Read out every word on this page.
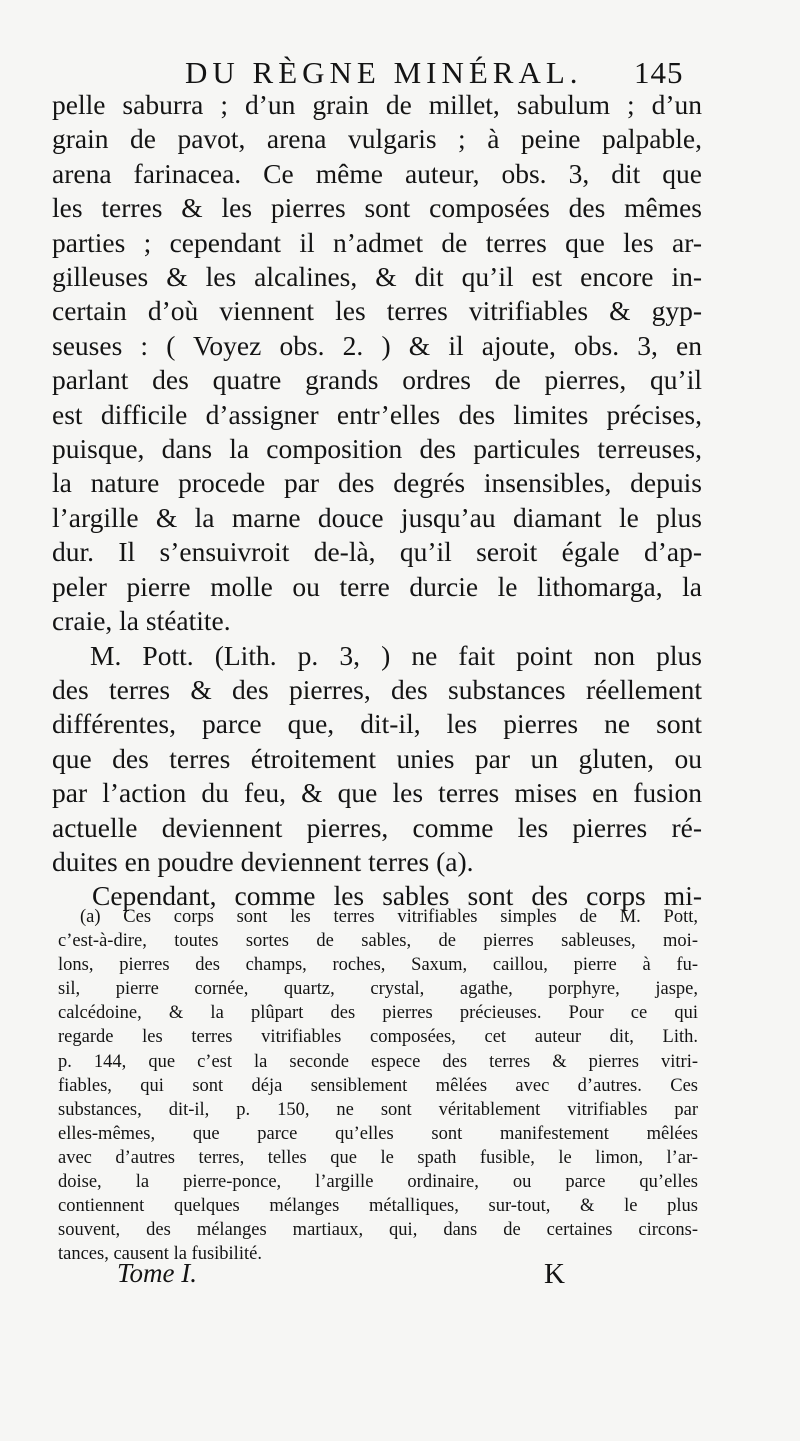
DU RÈGNE MINÉRAL. 145
pelle saburra ; d’un grain de millet, sabulum ; d’un
grain de pavot, arena vulgaris ; à peine palpable,
arena farinacea. Ce même auteur, obs. 3, dit que
les terres & les pierres sont composées des mêmes
parties ; cependant il n’admet de terres que les ar-
gilleuses & les alcalines, & dit qu’il est encore in-
certain d’où viennent les terres vitrifiables & gyp-
seuses : ( Voyez obs. 2. ) & il ajoute, obs. 3, en
parlant des quatre grands ordres de pierres, qu’il
est difficile d’assigner entr’elles des limites précises,
puisque, dans la composition des particules terreuses,
la nature procede par des degrés insensibles, depuis
l’argille & la marne douce jusqu’au diamant le plus
dur. Il s’ensuivroit de-là, qu’il seroit égale d’ap-
peler pierre molle ou terre durcie le lithomarga, la
craie, la stéatite.
M. Pott. (Lith. p. 3, ) ne fait point non plus
des terres & des pierres, des substances réellement
différentes, parce que, dit-il, les pierres ne sont
que des terres étroitement unies par un gluten, ou
par l’action du feu, & que les terres mises en fusion
actuelle deviennent pierres, comme les pierres ré-
duites en poudre deviennent terres (a).
Cependant, comme les sables sont des corps mi-
(a) Ces corps sont les terres vitrifiables simples de M. Pott,
c’est-à-dire, toutes sortes de sables, de pierres sableuses, moi-
lons, pierres des champs, roches, Saxum, caillou, pierre à fu-
sil, pierre cornée, quartz, crystal, agathe, porphyre, jaspe,
calcédoine, & la plûpart des pierres précieuses. Pour ce qui
regarde les terres vitrifiables composées, cet auteur dit, Lith.
p. 144, que c’est la seconde espece des terres & pierres vitri-
fiables, qui sont déja sensiblement mêlées avec d’autres. Ces
substances, dit-il, p. 150, ne sont véritablement vitrifiables par
elles-mêmes, que parce qu’elles sont manifestement mêlées
avec d’autres terres, telles que le spath fusible, le limon, l’ar-
doise, la pierre-ponce, l’argille ordinaire, ou parce qu’elles
contiennent quelques mélanges métalliques, sur-tout, & le plus
souvent, des mélanges martiaux, qui, dans de certaines circons-
tances, causent la fusibilité.
Tome I.	K
